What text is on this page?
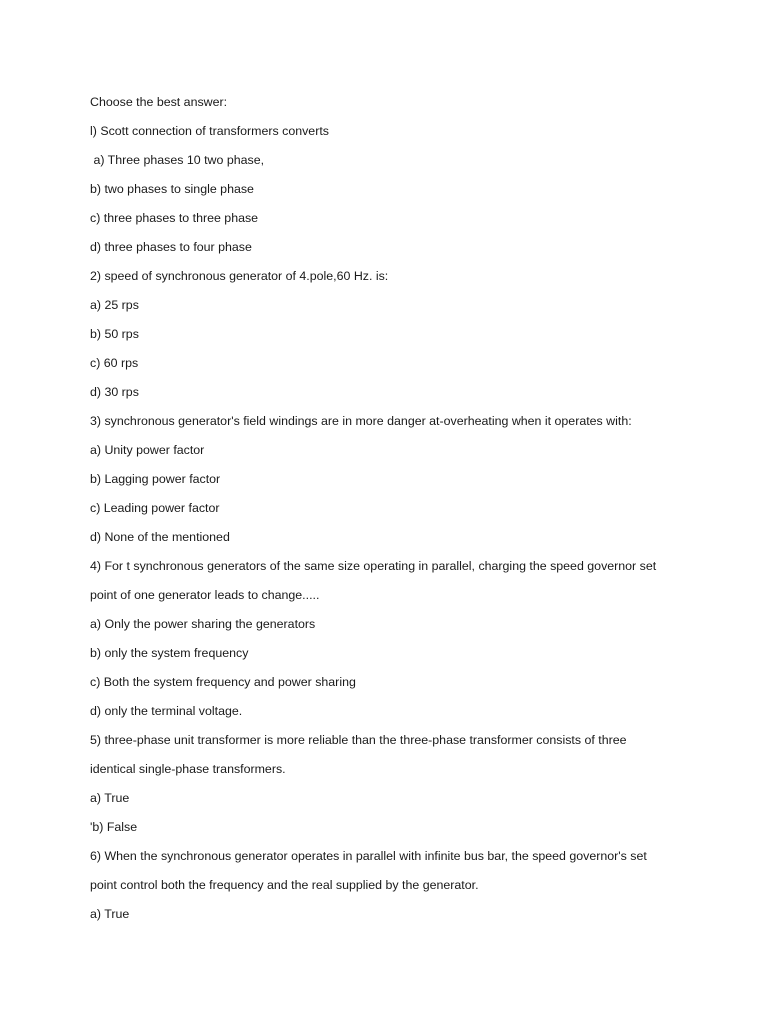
Choose the best answer:
l) Scott connection of transformers converts
a) Three phases 10 two phase,
b) two phases to single phase
c) three phases to three phase
d) three phases to four phase
2) speed of synchronous generator of 4.pole,60 Hz. is:
a) 25 rps
b) 50 rps
c) 60 rps
d) 30 rps
3) synchronous generator's field windings are in more danger at-overheating when it operates with:
a) Unity power factor
b) Lagging power factor
c) Leading power factor
d) None of the mentioned
4) For t synchronous generators of the same size operating in parallel, charging the speed governor set
point of one generator leads to change.....
a) Only the power sharing the generators
b) only the system frequency
c) Both the system frequency and power sharing
d) only the terminal voltage.
5) three-phase unit transformer is more reliable than the three-phase transformer consists of three
identical single-phase transformers.
a) True
'b) False
6) When the synchronous generator operates in parallel with infinite bus bar, the speed governor's set
point control both the frequency and the real supplied by the generator.
a) True
